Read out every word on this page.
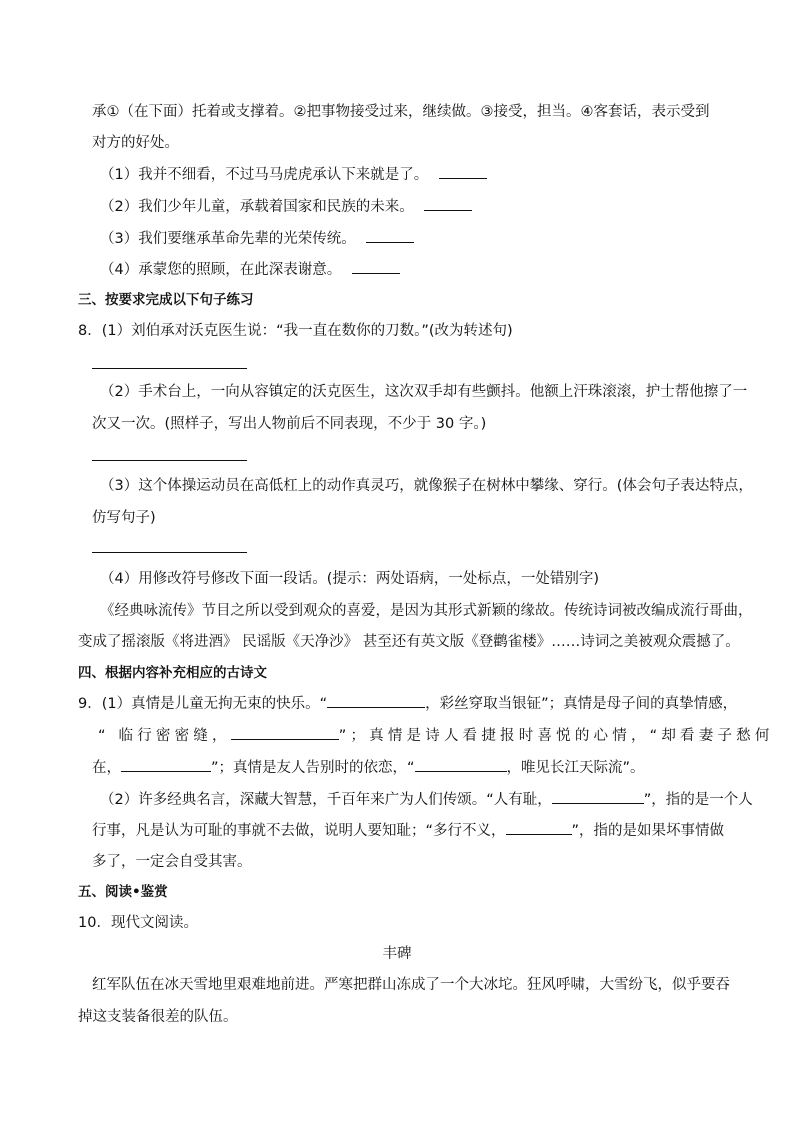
承①（在下面）托着或支撑着。②把事物接受过来，继续做。③接受，担当。④客套话，表示受到
对方的好处。
（1）我并不细看，不过马马虎虎承认下来就是了。
（2）我们少年儿童，承载着国家和民族的未来。
（3）我们要继承革命先辈的光荣传统。
（4）承蒙您的照顾，在此深表谢意。
三、按要求完成以下句子练习
8．(1）刘伯承对沃克医生说：“我一直在数你的刀数。”(改为转述句)
（2）手术台上，一向从容镇定的沃克医生，这次双手却有些颤抖。他额上汗珠滚滚，护士帮他擦了一
次又一次。(照样子，写出人物前后不同表现，不少于 30 字。)
（3）这个体操运动员在高低杠上的动作真灵巧，就像猴子在树林中攀缘、穿行。(体会句子表达特点，
仿写句子)
（4）用修改符号修改下面一段话。(提示：两处语病，一处标点，一处错别字)
《经典咏流传》节目之所以受到观众的喜爱，是因为其形式新颖的缘故。传统诗词被改编成流行哥曲，
变成了摇滚版《将进酒》 民谣版《天净沙》 甚至还有英文版《登鹳雀楼》……诗词之美被观众震撼了。
四、根据内容补充相应的古诗文
9．(1）真情是儿童无拘无束的快乐。“	，彩丝穿取当银钲”；真情是母子间的真挚情感，
“ 临行密密缝，	”；真情是诗人看捷报时喜悦的心情，“却看妻子愁何
在，	”；真情是友人告别时的依恋，“	，唯见长江天际流”。
（2）许多经典名言，深藏大智慧，千百年来广为人们传颂。“人有耻，	”，指的是一个人
行事，凡是认为可耻的事就不去做，说明人要知耻；“多行不义，	”，指的是如果坏事情做
多了，一定会自受其害。
五、阅读•鉴赏
10．现代文阅读。
丰碑
红军队伍在冰天雪地里艰难地前进。严寒把群山冻成了一个大冰坨。狂风呼啸，大雪纷飞，似乎要吞
掉这支装备很差的队伍。
